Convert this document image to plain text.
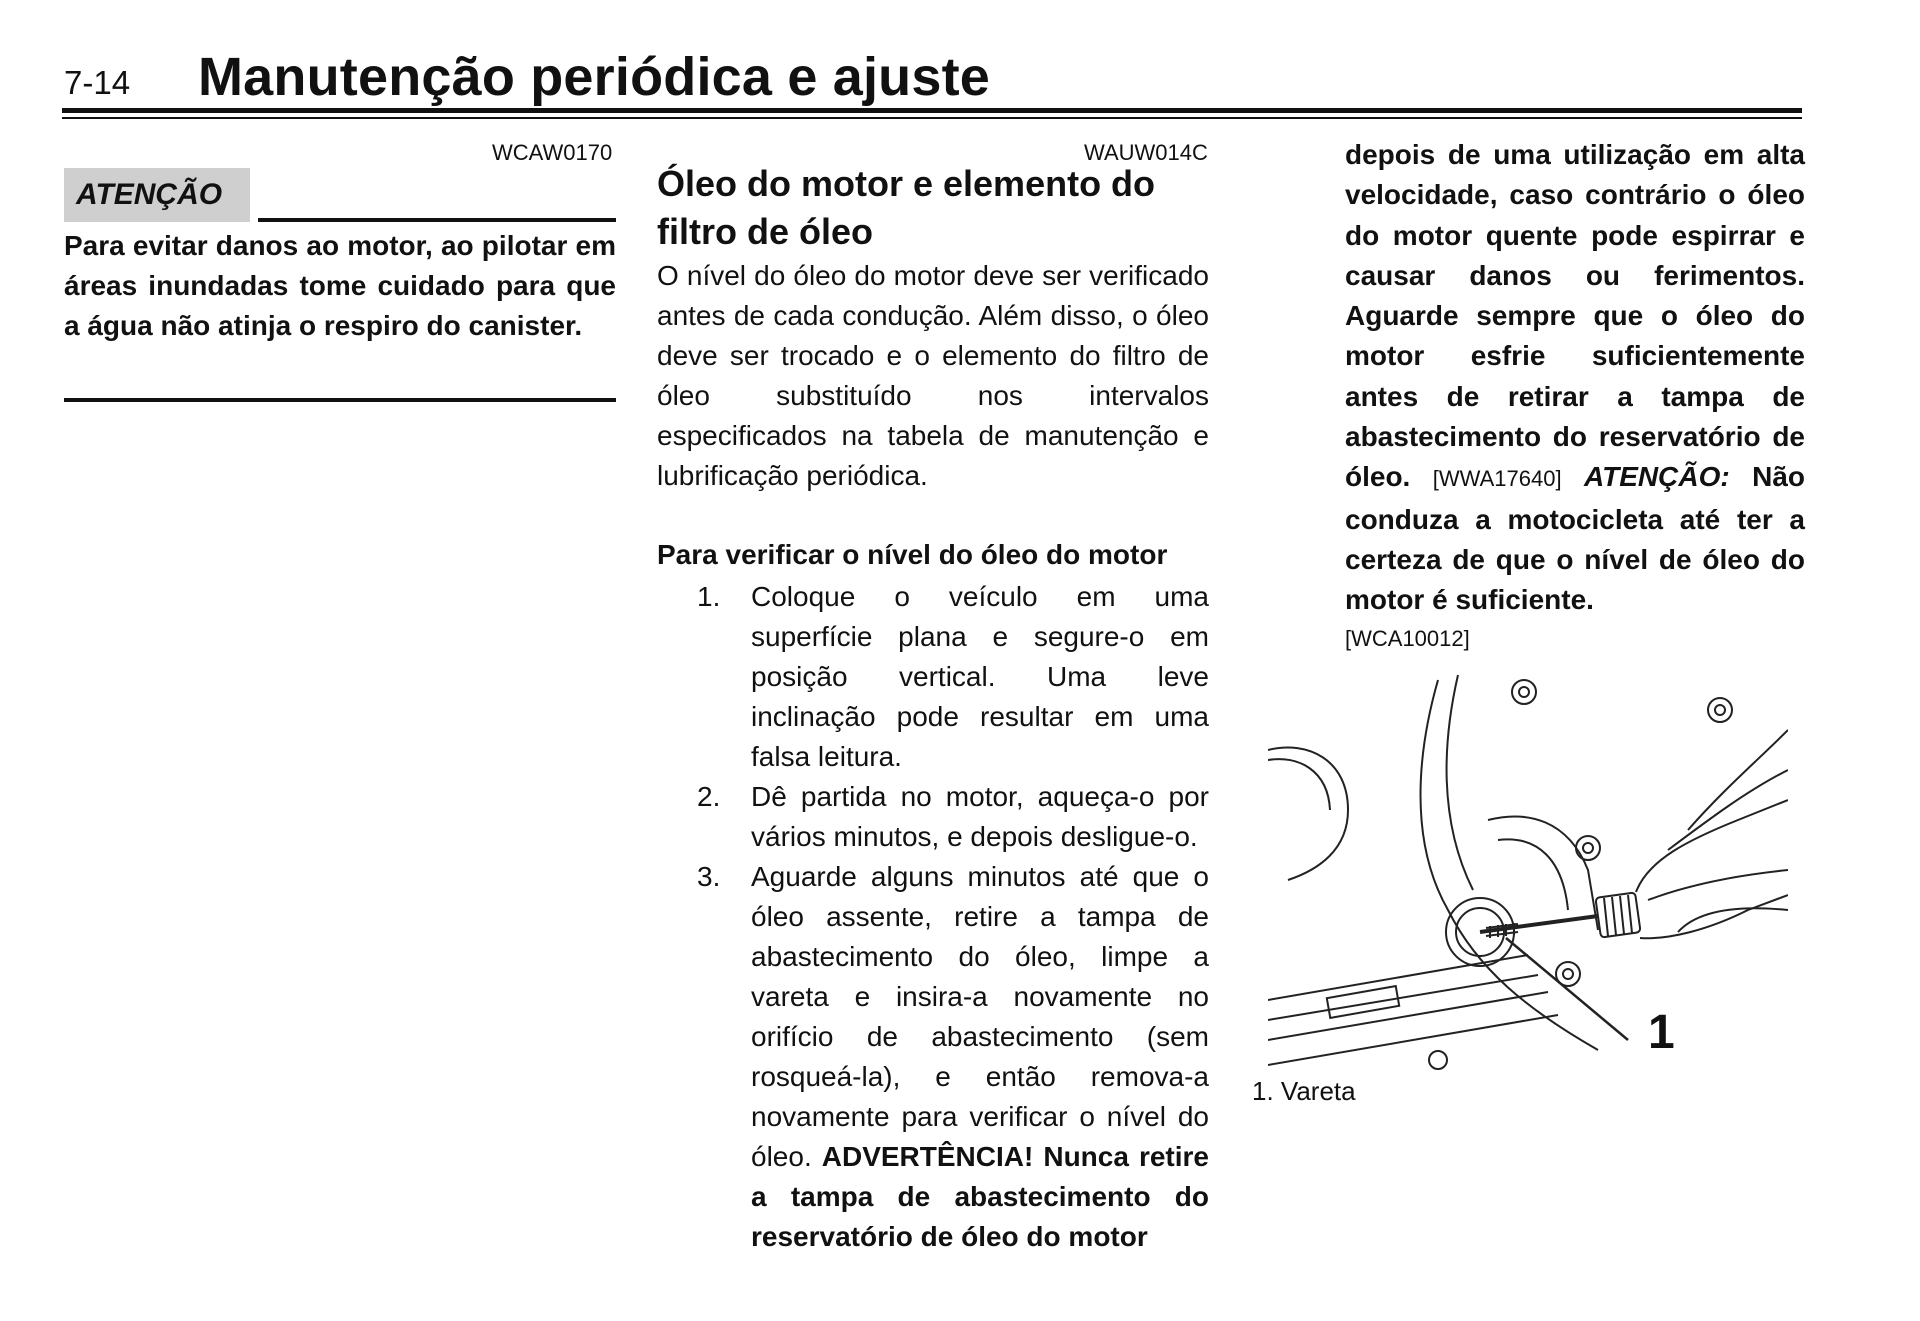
7-14 Manutenção periódica e ajuste
WCAW0170
ATENÇÃO

Para evitar danos ao motor, ao pilotar em áreas inundadas tome cuidado para que a água não atinja o respiro do canister.

WAUW014C
Óleo do motor e elemento do filtro de óleo

O nível do óleo do motor deve ser verificado antes de cada condução. Além disso, o óleo deve ser trocado e o elemento do filtro de óleo substituído nos intervalos especificados na tabela de manutenção e lubrificação periódica.

Para verificar o nível do óleo do motor
1. Coloque o veículo em uma superfície plana e segure-o em posição vertical. Uma leve inclinação pode resultar em uma falsa leitura.
2. Dê partida no motor, aqueça-o por vários minutos, e depois desligue-o.
3. Aguarde alguns minutos até que o óleo assente, retire a tampa de abastecimento do óleo, limpe a vareta e insira-a novamente no orifício de abastecimento (sem rosqueá-la), e então remova-a novamente para verificar o nível do óleo. ADVERTÊNCIA! Nunca retire a tampa de abastecimento do reservatório de óleo do motor

depois de uma utilização em alta velocidade, caso contrário o óleo do motor quente pode espirrar e causar danos ou ferimentos. Aguarde sempre que o óleo do motor esfrie suficientemente antes de retirar a tampa de abastecimento do reservatório de óleo. [WWA17640] ATENÇÃO: Não conduza a motocicleta até ter a certeza de que o nível de óleo do motor é suficiente.

[WCA10012]
1
1. Vareta
